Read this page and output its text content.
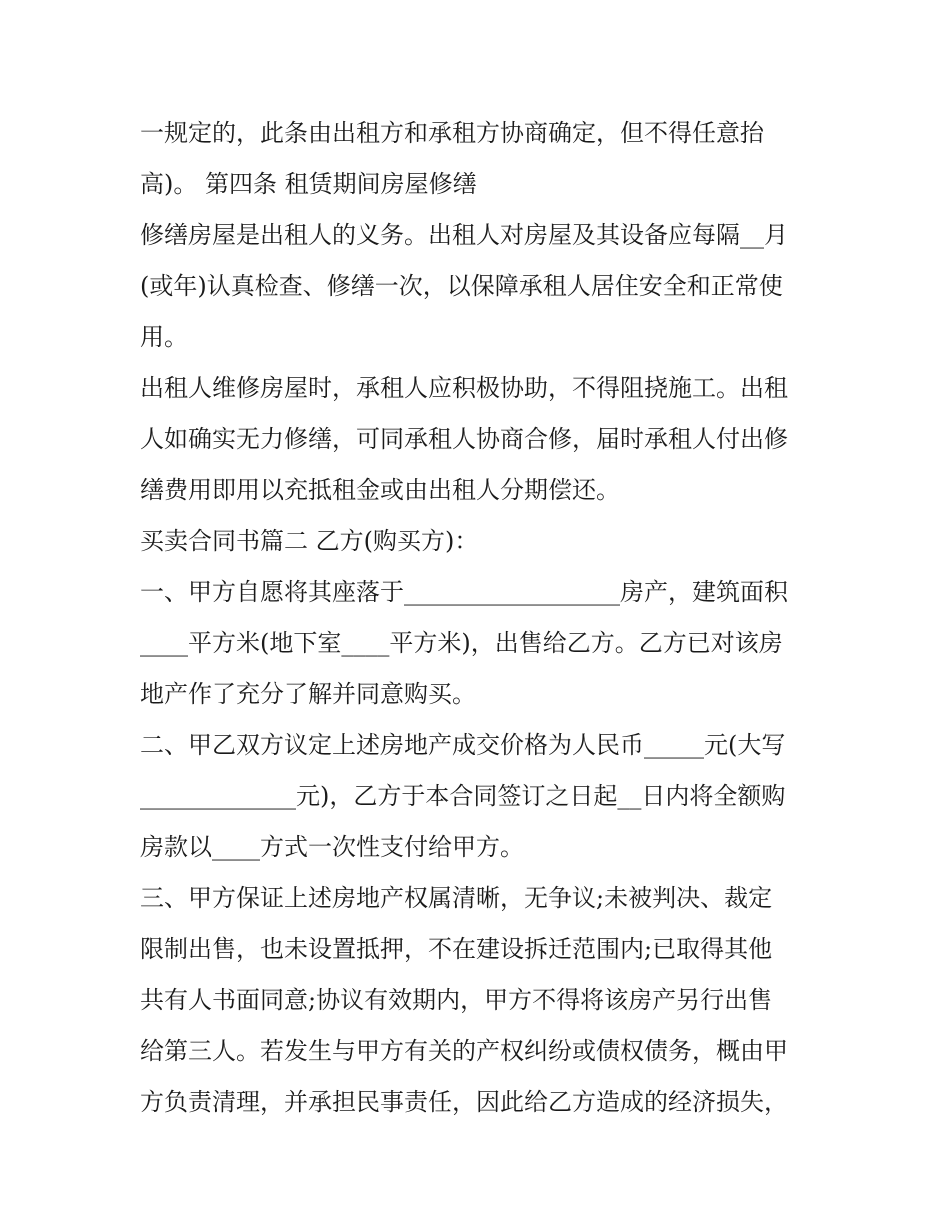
一规定的，此条由出租方和承租方协商确定，但不得任意抬
高)。 第四条 租赁期间房屋修缮
修缮房屋是出租人的义务。出租人对房屋及其设备应每隔__月
(或年)认真检查、修缮一次，以保障承租人居住安全和正常使
用。
出租人维修房屋时，承租人应积极协助，不得阻挠施工。出租
人如确实无力修缮，可同承租人协商合修，届时承租人付出修
缮费用即用以充抵租金或由出租人分期偿还。
买卖合同书篇二 乙方(购买方)：
一、甲方自愿将其座落于__________________房产，建筑面积
____平方米(地下室____平方米)，出售给乙方。乙方已对该房
地产作了充分了解并同意购买。
二、甲乙双方议定上述房地产成交价格为人民币_____元(大写
_____________元)，乙方于本合同签订之日起__日内将全额购
房款以____方式一次性支付给甲方。
三、甲方保证上述房地产权属清晰，无争议;未被判决、裁定
限制出售，也未设置抵押，不在建设拆迁范围内;已取得其他
共有人书面同意;协议有效期内，甲方不得将该房产另行出售
给第三人。若发生与甲方有关的产权纠纷或债权债务，概由甲
方负责清理，并承担民事责任，因此给乙方造成的经济损失，
